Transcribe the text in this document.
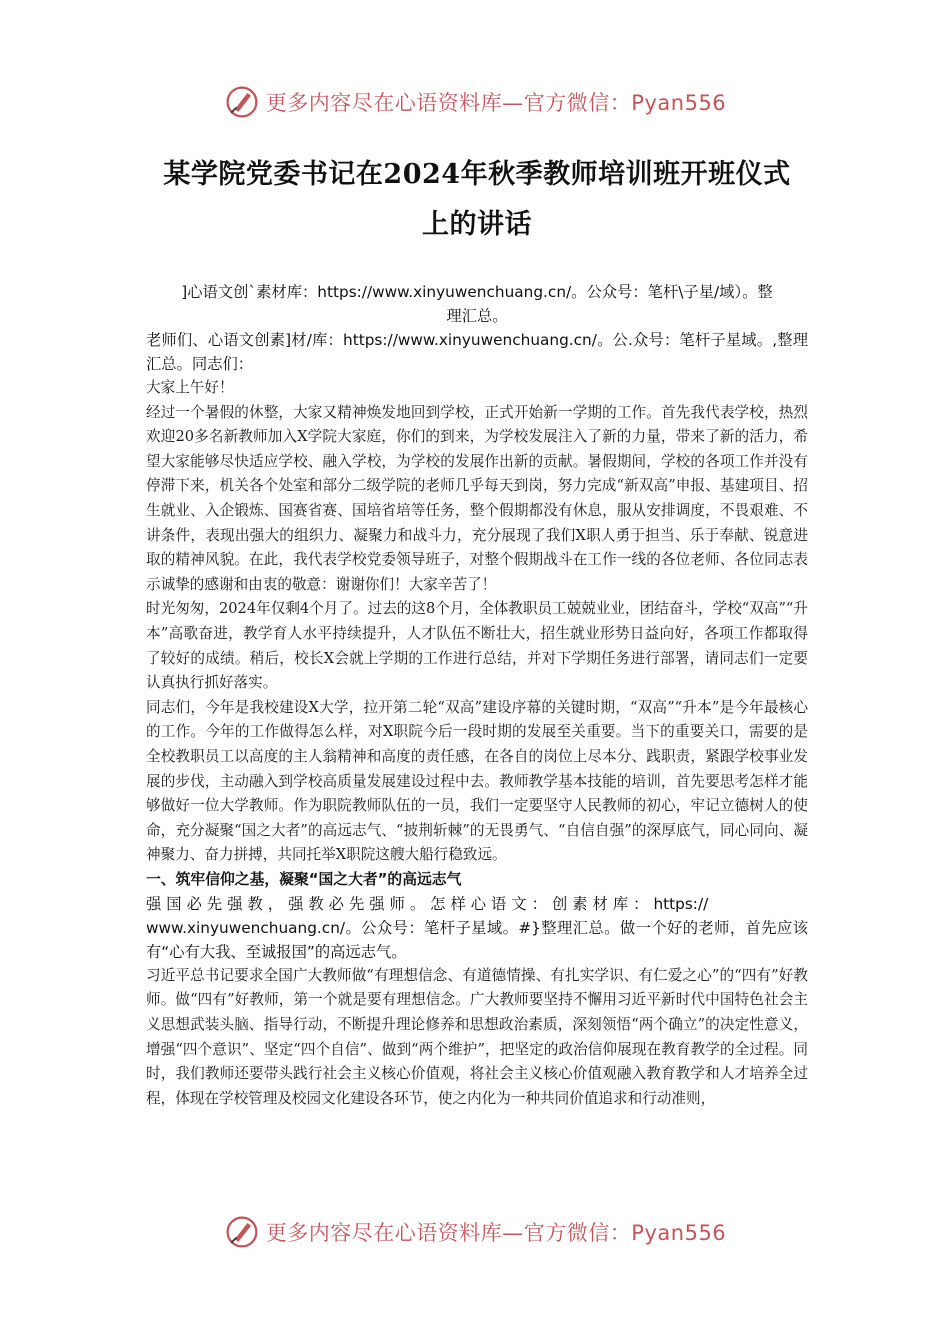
更多内容尽在心语资料库—官方微信：Pyan556
某学院党委书记在2024年秋季教师培训班开班仪式
上的讲话

]心语文创`素材库：https://www.xinyuwenchuang.cn/。公众号：笔杆\子星/域）。整
理汇总。

老师们、心语文创素]材/库：https://www.xinyuwenchuang.cn/。公.众号：笔杆子星域。,整理汇总。同志们：

大家上午好！

经过一个暑假的休整，大家又精神焕发地回到学校，正式开始新一学期的工作。首先我代表学校，热烈欢迎20多名新教师加入X学院大家庭，你们的到来，为学校发展注入了新的力量，带来了新的活力，希望大家能够尽快适应学校、融入学校，为学校的发展作出新的贡献。暑假期间，学校的各项工作并没有停滞下来，机关各个处室和部分二级学院的老师几乎每天到岗，努力完成“新双高”申报、基建项目、招生就业、入企锻炼、国赛省赛、国培省培等任务，整个假期都没有休息，服从安排调度，不畏艰难、不讲条件，表现出强大的组织力、凝聚力和战斗力，充分展现了我们X职人勇于担当、乐于奉献、锐意进取的精神风貌。在此，我代表学校党委领导班子，对整个假期战斗在工作一线的各位老师、各位同志表示诚挚的感谢和由衷的敬意：谢谢你们！大家辛苦了！

时光匆匆，2024年仅剩4个月了。过去的这8个月，全体教职员工兢兢业业，团结奋斗，学校“双高”“升本”高歌奋进，教学育人水平持续提升，人才队伍不断壮大，招生就业形势日益向好，各项工作都取得了较好的成绩。稍后，校长X会就上学期的工作进行总结，并对下学期任务进行部署，请同志们一定要认真执行抓好落实。

同志们，今年是我校建设X大学，拉开第二轮“双高”建设序幕的关键时期，“双高”“升本”是今年最核心的工作。今年的工作做得怎么样，对X职院今后一段时期的发展至关重要。当下的重要关口，需要的是全校教职员工以高度的主人翁精神和高度的责任感，在各自的岗位上尽本分、践职责，紧跟学校事业发展的步伐，主动融入到学校高质量发展建设过程中去。教师教学基本技能的培训，首先要思考怎样才能够做好一位大学教师。作为职院教师队伍的一员，我们一定要坚守人民教师的初心，牢记立德树人的使命，充分凝聚“国之大者”的高远志气、“披荆斩棘”的无畏勇气、“自信自强”的深厚底气，同心同向、凝神聚力、奋力拼搏，共同托举X职院这艘大船行稳致远。

一、筑牢信仰之基，凝聚“国之大者”的高远志气

强国必先强教，强教必先强师。怎样心语文：创素材库：https://
www.xinyuwenchuang.cn/。公众号：笔杆子星域。#}整理汇总。做一个好的老师，首先应该有“心有大我、至诚报国”的高远志气。

习近平总书记要求全国广大教师做“有理想信念、有道德情操、有扎实学识、有仁爱之心”的“四有”好教师。做“四有”好教师，第一个就是要有理想信念。广大教师要坚持不懈用习近平新时代中国特色社会主义思想武装头脑、指导行动，不断提升理论修养和思想政治素质，深刻领悟“两个确立”的决定性意义，增强“四个意识”、坚定“四个自信”、做到“两个维护”，把坚定的政治信仰展现在教育教学的全过程。同时，我们教师还要带头践行社会主义核心价值观，将社会主义核心价值观融入教育教学和人才培养全过程，体现在学校管理及校园文化建设各环节，使之内化为一种共同价值追求和行动准则，

更多内容尽在心语资料库—官方微信：Pyan556
